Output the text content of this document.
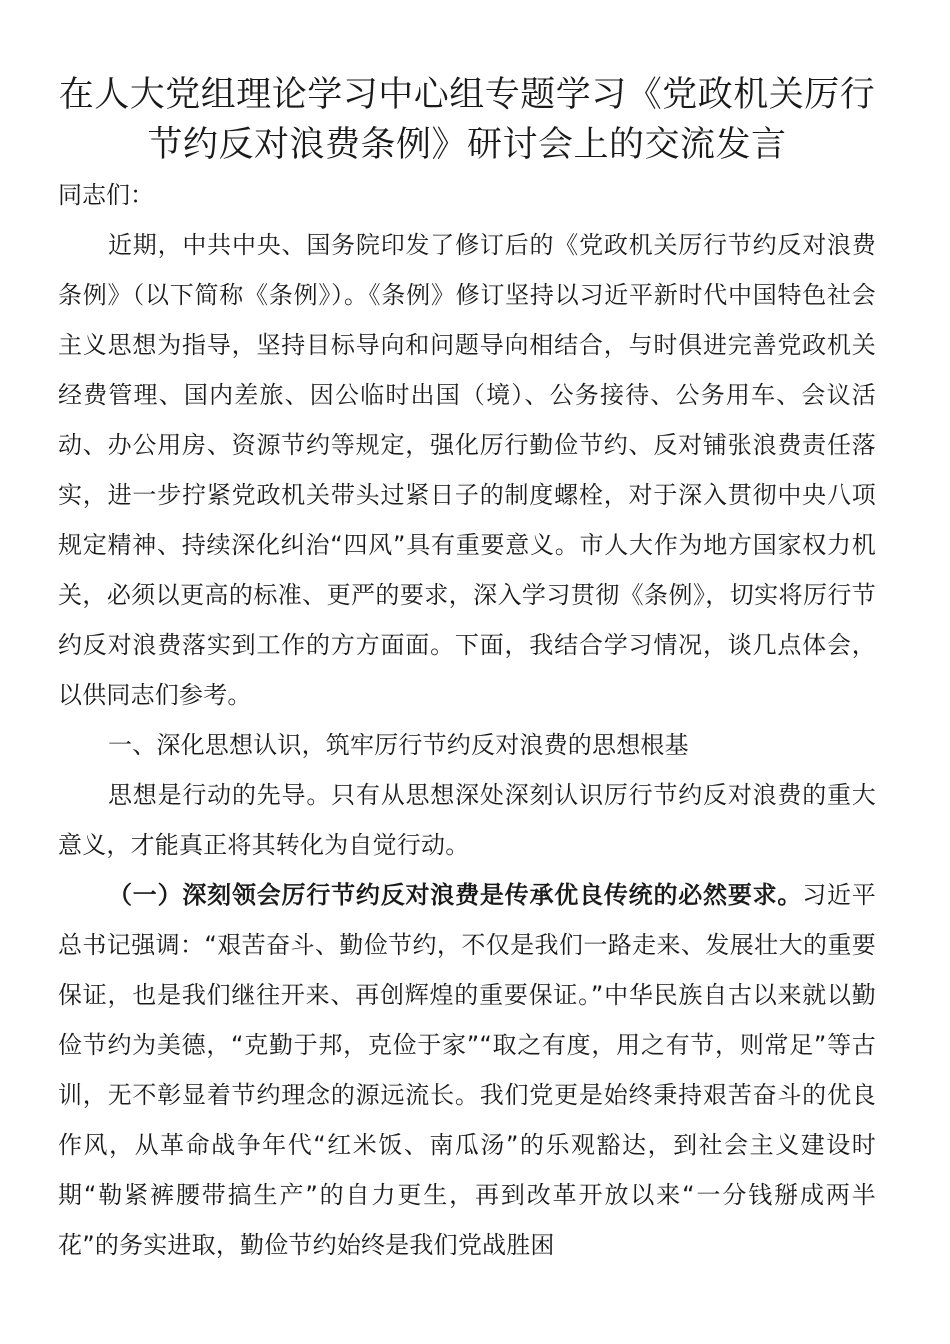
在人大党组理论学习中心组专题学习《党政机关厉行节约反对浪费条例》研讨会上的交流发言

同志们：

近期，中共中央、国务院印发了修订后的《党政机关厉行节约反对浪费条例》（以下简称《条例》）。《条例》修订坚持以习近平新时代中国特色社会主义思想为指导，坚持目标导向和问题导向相结合，与时俱进完善党政机关经费管理、国内差旅、因公临时出国（境）、公务接待、公务用车、会议活动、办公用房、资源节约等规定，强化厉行勤俭节约、反对铺张浪费责任落实，进一步拧紧党政机关带头过紧日子的制度螺栓，对于深入贯彻中央八项规定精神、持续深化纠治“四风”具有重要意义。市人大作为地方国家权力机关，必须以更高的标准、更严的要求，深入学习贯彻《条例》，切实将厉行节约反对浪费落实到工作的方方面面。下面，我结合学习情况，谈几点体会，以供同志们参考。

一、深化思想认识，筑牢厉行节约反对浪费的思想根基

思想是行动的先导。只有从思想深处深刻认识厉行节约反对浪费的重大意义，才能真正将其转化为自觉行动。

（一）深刻领会厉行节约反对浪费是传承优良传统的必然要求。习近平总书记强调：“艰苦奋斗、勤俭节约，不仅是我们一路走来、发展壮大的重要保证，也是我们继往开来、再创辉煌的重要保证。”中华民族自古以来就以勤俭节约为美德，“克勤于邦，克俭于家”“取之有度，用之有节，则常足”等古训，无不彰显着节约理念的源远流长。我们党更是始终秉持艰苦奋斗的优良作风，从革命战争年代“红米饭、南瓜汤”的乐观豁达，到社会主义建设时期“勒紧裤腰带搞生产”的自力更生，再到改革开放以来“一分钱掰成两半花”的务实进取，勤俭节约始终是我们党战胜困
